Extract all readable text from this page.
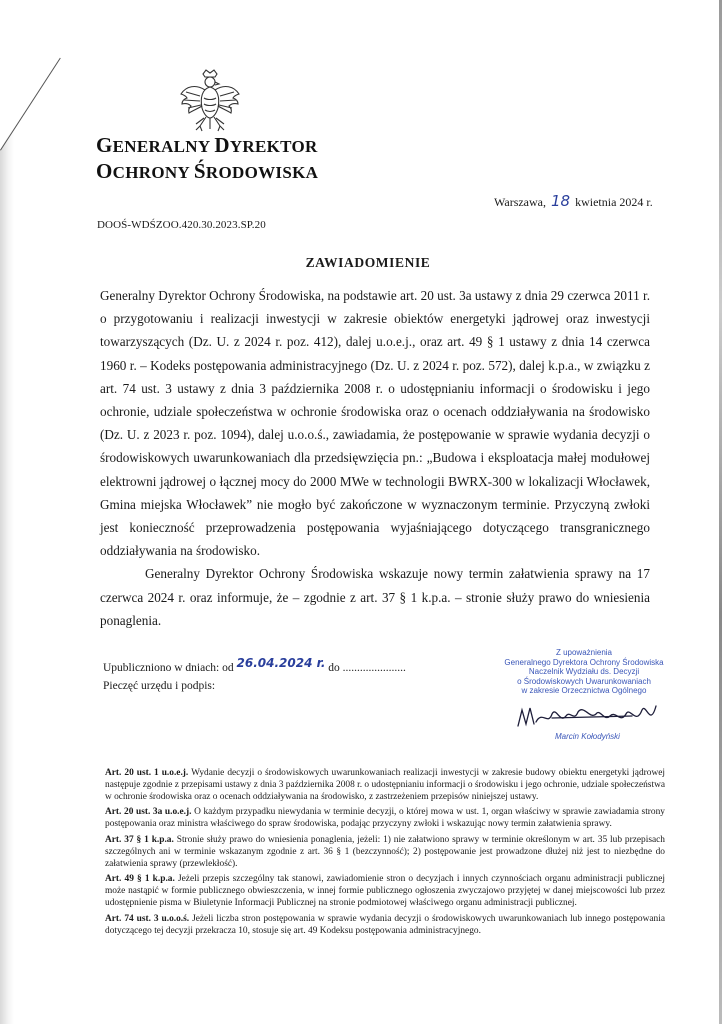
GENERALNY DYREKTOR
OCHRONY ŚRODOWISKA
Warszawa, 18 kwietnia 2024 r.
DOOŚ-WDŚZOO.420.30.2023.SP.20
ZAWIADOMIENIE

Generalny Dyrektor Ochrony Środowiska, na podstawie art. 20 ust. 3a ustawy z dnia 29 czerwca 2011 r. o przygotowaniu i realizacji inwestycji w zakresie obiektów energetyki jądrowej oraz inwestycji towarzyszących (Dz. U. z 2024 r. poz. 412), dalej u.o.e.j., oraz art. 49 § 1 ustawy z dnia 14 czerwca 1960 r. – Kodeks postępowania administracyjnego (Dz. U. z 2024 r. poz. 572), dalej k.p.a., w związku z art. 74 ust. 3 ustawy z dnia 3 października 2008 r. o udostępnianiu informacji o środowisku i jego ochronie, udziale społeczeństwa w ochronie środowiska oraz o ocenach oddziaływania na środowisko (Dz. U. z 2023 r. poz. 1094), dalej u.o.o.ś., zawiadamia, że postępowanie w sprawie wydania decyzji o środowiskowych uwarunkowaniach dla przedsięwzięcia pn.: „Budowa i eksploatacja małej modułowej elektrowni jądrowej o łącznej mocy do 2000 MWe w technologii BWRX-300 w lokalizacji Włocławek, Gmina miejska Włocławek” nie mogło być zakończone w wyznaczonym terminie. Przyczyną zwłoki jest konieczność przeprowadzenia postępowania wyjaśniającego dotyczącego transgranicznego oddziaływania na środowisko.

Generalny Dyrektor Ochrony Środowiska wskazuje nowy termin załatwienia sprawy na 17 czerwca 2024 r. oraz informuje, że – zgodnie z art. 37 § 1 k.p.a. – stronie służy prawo do wniesienia ponaglenia.

Upubliczniono w dniach: od 26.04.2024 r. do ......................
Pieczęć urzędu i podpis:
Z upoważnienia
Generalnego Dyrektora Ochrony Środowiska
Naczelnik Wydziału ds. Decyzji
o Środowiskowych Uwarunkowaniach
w zakresie Orzecznictwa Ogólnego
Marcin Kołodyński

Art. 20 ust. 1 u.o.e.j. Wydanie decyzji o środowiskowych uwarunkowaniach realizacji inwestycji w zakresie budowy obiektu energetyki jądrowej następuje zgodnie z przepisami ustawy z dnia 3 października 2008 r. o udostępnianiu informacji o środowisku i jego ochronie, udziale społeczeństwa w ochronie środowiska oraz o ocenach oddziaływania na środowisko, z zastrzeżeniem przepisów niniejszej ustawy.

Art. 20 ust. 3a u.o.e.j. O każdym przypadku niewydania w terminie decyzji, o której mowa w ust. 1, organ właściwy w sprawie zawiadamia strony postępowania oraz ministra właściwego do spraw środowiska, podając przyczyny zwłoki i wskazując nowy termin załatwienia sprawy.

Art. 37 § 1 k.p.a. Stronie służy prawo do wniesienia ponaglenia, jeżeli: 1) nie załatwiono sprawy w terminie określonym w art. 35 lub przepisach szczególnych ani w terminie wskazanym zgodnie z art. 36 § 1 (bezczynność); 2) postępowanie jest prowadzone dłużej niż jest to niezbędne do załatwienia sprawy (przewlekłość).

Art. 49 § 1 k.p.a. Jeżeli przepis szczególny tak stanowi, zawiadomienie stron o decyzjach i innych czynnościach organu administracji publicznej może nastąpić w formie publicznego obwieszczenia, w innej formie publicznego ogłoszenia zwyczajowo przyjętej w danej miejscowości lub przez udostępnienie pisma w Biuletynie Informacji Publicznej na stronie podmiotowej właściwego organu administracji publicznej.

Art. 74 ust. 3 u.o.o.ś. Jeżeli liczba stron postępowania w sprawie wydania decyzji o środowiskowych uwarunkowaniach lub innego postępowania dotyczącego tej decyzji przekracza 10, stosuje się art. 49 Kodeksu postępowania administracyjnego.
